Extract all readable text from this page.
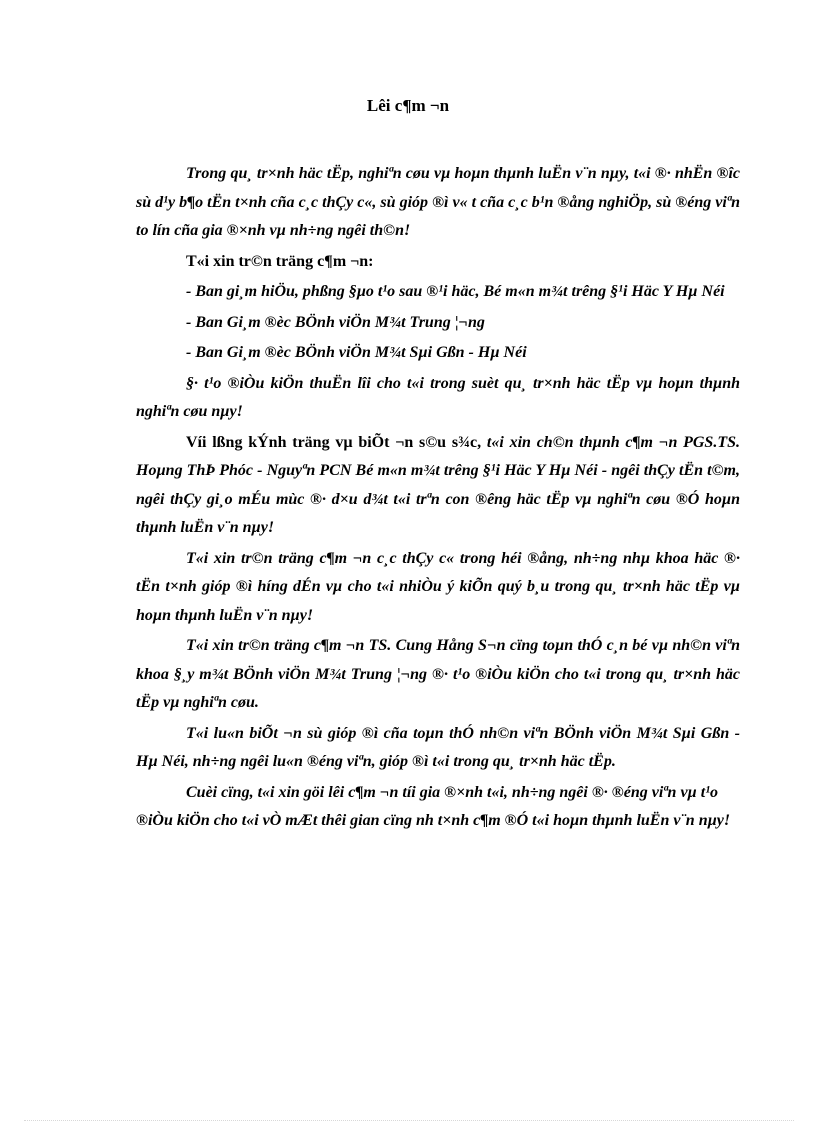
Lêi c¶m ¬n

Trong qu¸ tr×nh häc tËp, nghiªn cøu vµ hoµn thµnh luËn v¨n nµy, t«i ®· nhËn ®îc sù d¹y b¶o tËn t×nh cña c¸c thÇy c«, sù gióp ®ì v« t cña c¸c b¹n ®ång nghiÖp, sù ®éng viªn to lín cña gia ®×nh vµ nh÷ng ngêi th©n!

T«i xin tr©n träng c¶m ¬n:

- Ban gi¸m hiÖu, phßng §µo t¹o sau ®¹i häc, Bé m«n m¾t trêng §¹i Häc Y Hµ Néi

- Ban Gi¸m ®èc BÖnh viÖn M¾t Trung ¦¬ng

- Ban Gi¸m ®èc BÖnh viÖn M¾t Sµi Gßn - Hµ Néi

§· t¹o ®iÒu kiÖn thuËn lîi cho t«i trong suèt qu¸ tr×nh häc tËp vµ hoµn thµnh nghiªn cøu nµy!

Víi lßng kÝnh träng vµ biÕt ¬n s©u s¾c, t«i xin ch©n thµnh c¶m ¬n PGS.TS. Hoµng ThÞ Phóc - Nguyªn PCN Bé m«n m¾t trêng §¹i Häc Y Hµ Néi - ngêi thÇy tËn t©m, ngêi thÇy gi¸o mÉu mùc ®· d×u d¾t t«i trªn con ®êng häc tËp vµ nghiªn cøu ®Ó hoµn thµnh luËn v¨n nµy!

T«i xin tr©n träng c¶m ¬n c¸c thÇy c« trong héi ®ång, nh÷ng nhµ khoa häc ®· tËn t×nh gióp ®ì híng dÉn vµ cho t«i nhiÒu ý kiÕn quý b¸u trong qu¸ tr×nh häc tËp vµ hoµn thµnh luËn v¨n nµy!

T«i xin tr©n träng c¶m ¬n TS. Cung Hång S¬n cïng toµn thÓ c¸n bé vµ nh©n viªn khoa §¸y m¾t BÖnh viÖn M¾t Trung ¦¬ng ®· t¹o ®iÒu kiÖn cho t«i trong qu¸ tr×nh häc tËp vµ nghiªn cøu.

T«i lu«n biÕt ¬n sù gióp ®ì cña toµn thÓ nh©n viªn BÖnh viÖn M¾t Sµi Gßn - Hµ Néi, nh÷ng ngêi lu«n ®éng viªn, gióp ®ì t«i trong qu¸ tr×nh häc tËp.

Cuèi cïng, t«i xin göi lêi c¶m ¬n tíi gia ®×nh t«i, nh÷ng ngêi ®· ®éng viªn vµ t¹o ®iÒu kiÖn cho t«i vÒ mÆt thêi gian cïng nh t×nh c¶m ®Ó t«i hoµn thµnh luËn v¨n nµy!
